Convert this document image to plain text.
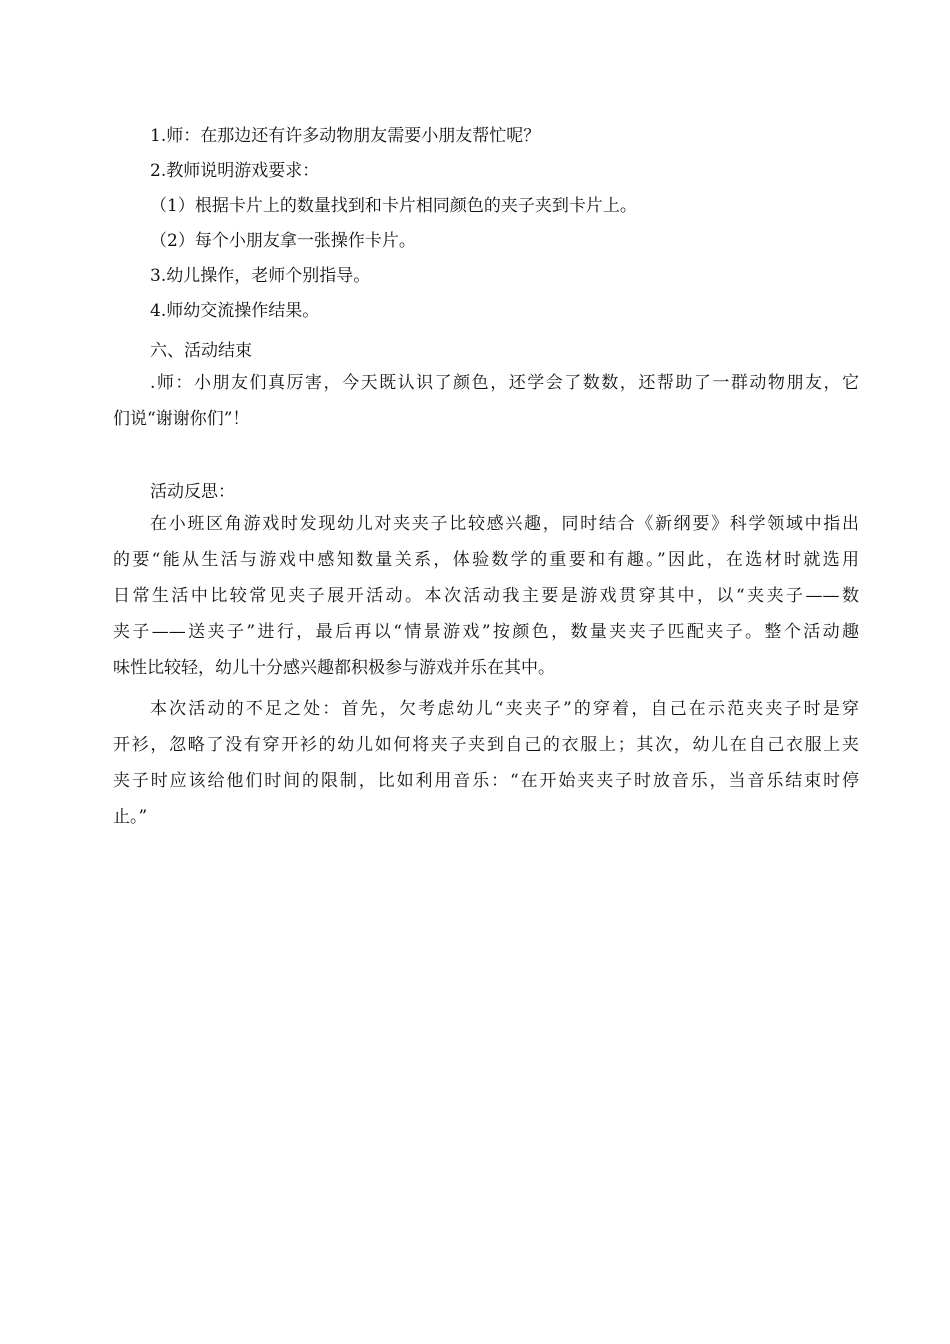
1.师：在那边还有许多动物朋友需要小朋友帮忙呢？
2.教师说明游戏要求：
（1）根据卡片上的数量找到和卡片相同颜色的夹子夹到卡片上。
（2）每个小朋友拿一张操作卡片。
3.幼儿操作，老师个别指导。
4.师幼交流操作结果。
六、活动结束
.师：小朋友们真厉害，今天既认识了颜色，还学会了数数，还帮助了一群动物朋友，它
们说“谢谢你们”！
活动反思：
在小班区角游戏时发现幼儿对夹夹子比较感兴趣，同时结合《新纲要》科学领域中指出
的要“能从生活与游戏中感知数量关系，体验数学的重要和有趣。”因此，在选材时就选用
日常生活中比较常见夹子展开活动。本次活动我主要是游戏贯穿其中，以“夹夹子——数
夹子——送夹子”进行，最后再以“情景游戏”按颜色，数量夹夹子匹配夹子。整个活动趣
味性比较轻，幼儿十分感兴趣都积极参与游戏并乐在其中。
本次活动的不足之处：首先，欠考虑幼儿“夹夹子”的穿着，自己在示范夹夹子时是穿
开衫，忽略了没有穿开衫的幼儿如何将夹子夹到自己的衣服上；其次，幼儿在自己衣服上夹
夹子时应该给他们时间的限制，比如利用音乐：“在开始夹夹子时放音乐，当音乐结束时停
止。”
